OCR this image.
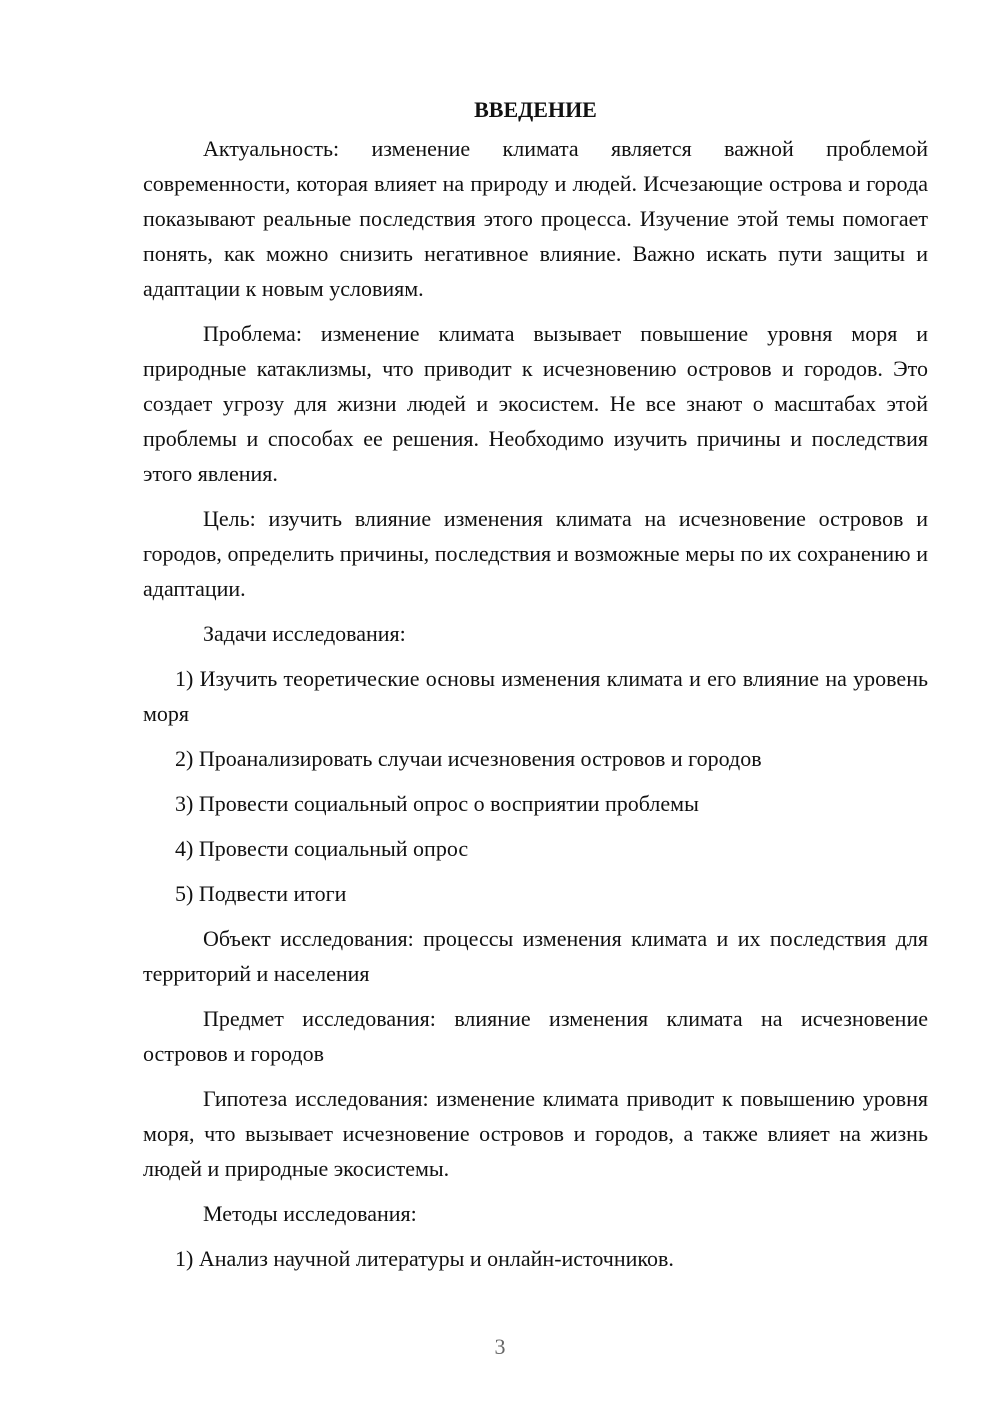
ВВЕДЕНИЕ

Актуальность: изменение климата является важной проблемой современности, которая влияет на природу и людей. Исчезающие острова и города показывают реальные последствия этого процесса. Изучение этой темы помогает понять, как можно снизить негативное влияние. Важно искать пути защиты и адаптации к новым условиям.

Проблема: изменение климата вызывает повышение уровня моря и природные катаклизмы, что приводит к исчезновению островов и городов. Это создает угрозу для жизни людей и экосистем. Не все знают о масштабах этой проблемы и способах ее решения. Необходимо изучить причины и последствия этого явления.

Цель: изучить влияние изменения климата на исчезновение островов и городов, определить причины, последствия и возможные меры по их сохранению и адаптации.

Задачи исследования:

1) Изучить теоретические основы изменения климата и его влияние на уровень моря

2) Проанализировать случаи исчезновения островов и городов

3) Провести социальный опрос о восприятии проблемы

4) Провести социальный опрос

5) Подвести итоги

Объект исследования: процессы изменения климата и их последствия для территорий и населения

Предмет исследования: влияние изменения климата на исчезновение островов и городов

Гипотеза исследования: изменение климата приводит к повышению уровня моря, что вызывает исчезновение островов и городов, а также влияет на жизнь людей и природные экосистемы.

Методы исследования:

1) Анализ научной литературы и онлайн-источников.

3
